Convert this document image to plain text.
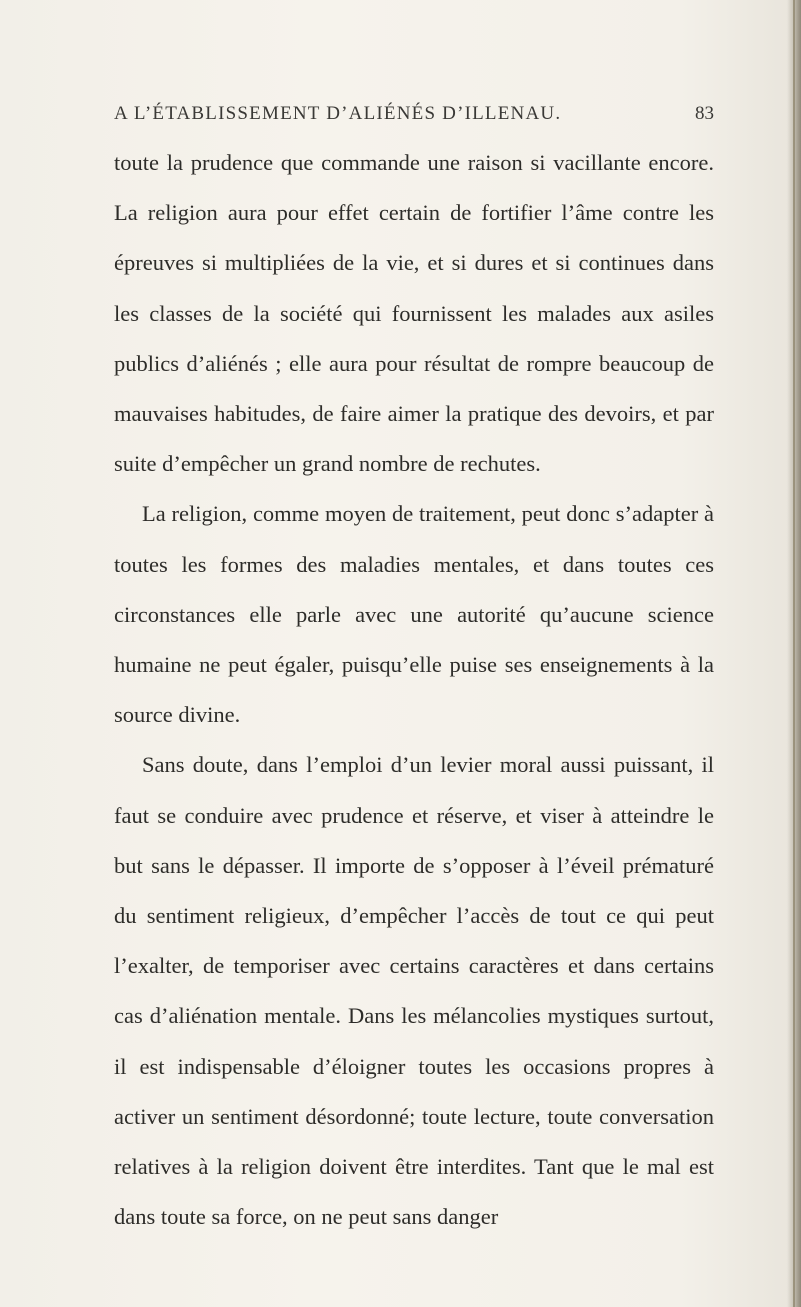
A L’ÉTABLISSEMENT D’ALIÉNÉS D’ILLENAU.	83

toute la prudence que commande une raison si vacillante encore. La religion aura pour effet certain de fortifier l’âme contre les épreuves si multipliées de la vie, et si dures et si continues dans les classes de la société qui fournissent les malades aux asiles publics d’aliénés ; elle aura pour résultat de rompre beaucoup de mauvaises habitudes, de faire aimer la pratique des devoirs, et par suite d’empêcher un grand nombre de rechutes.

La religion, comme moyen de traitement, peut donc s’adapter à toutes les formes des maladies mentales, et dans toutes ces circonstances elle parle avec une autorité qu’aucune science humaine ne peut égaler, puisqu’elle puise ses enseignements à la source divine.

Sans doute, dans l’emploi d’un levier moral aussi puissant, il faut se conduire avec prudence et réserve, et viser à atteindre le but sans le dépasser. Il importe de s’opposer à l’éveil prématuré du sentiment religieux, d’empêcher l’accès de tout ce qui peut l’exalter, de temporiser avec certains caractères et dans certains cas d’aliénation mentale. Dans les mélancolies mystiques surtout, il est indispensable d’éloigner toutes les occasions propres à activer un sentiment désordonné; toute lecture, toute conversation relatives à la religion doivent être interdites. Tant que le mal est dans toute sa force, on ne peut sans danger
